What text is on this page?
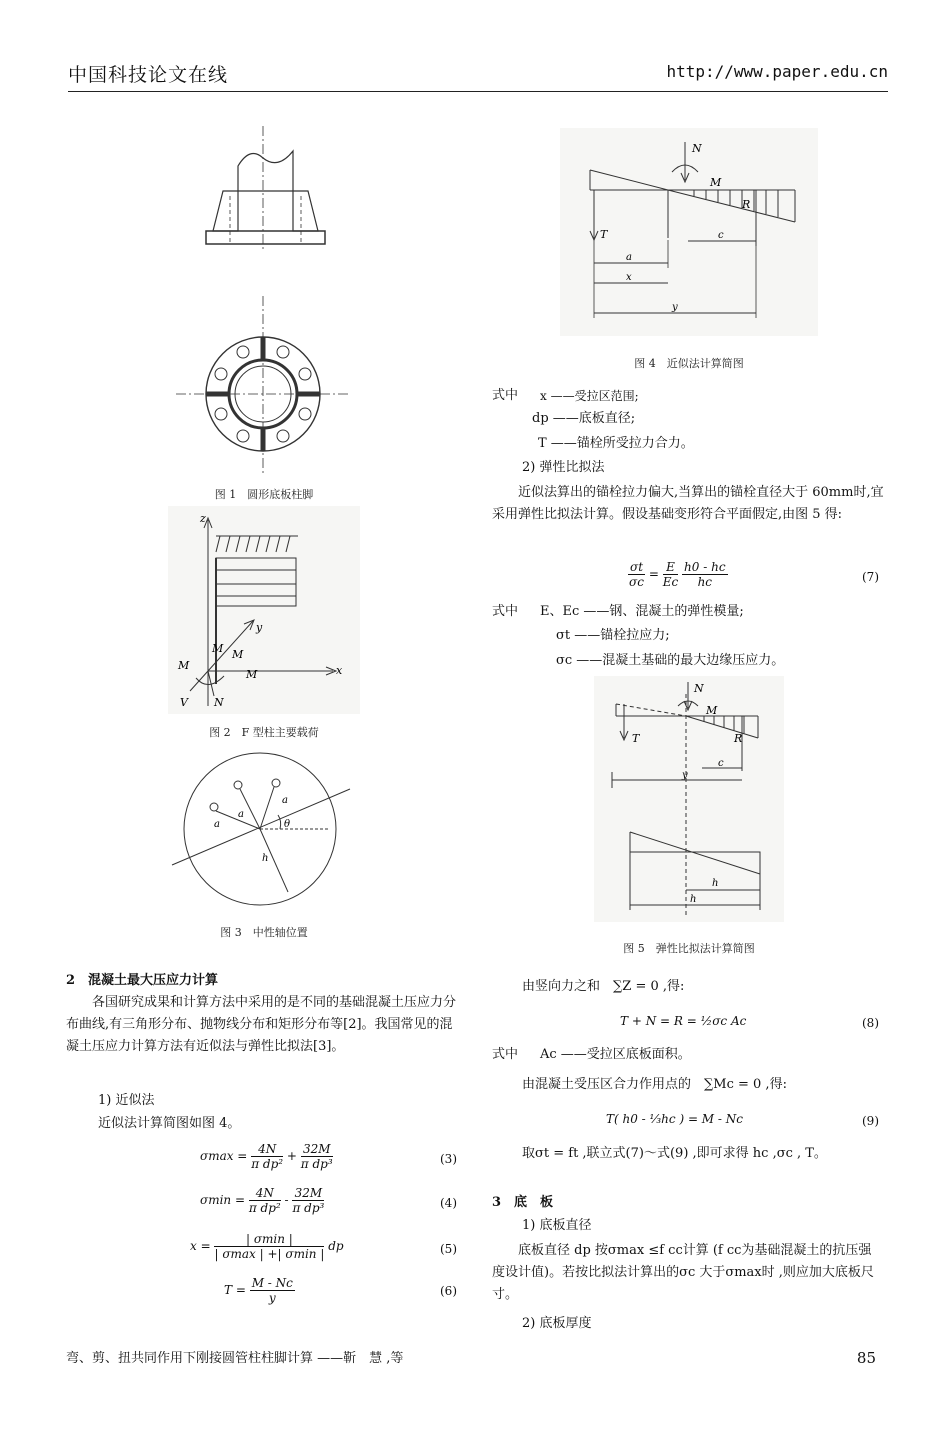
中国科技论文在线	http://www.paper.edu.cn
图 1　圆形底板柱脚
z
y
x
M
M
M
M
V N
图 2　F 型柱主要载荷
a
a
a
θ
h
图 3　中性轴位置
2　混凝土最大压应力计算
　　各国研究成果和计算方法中采用的是不同的基础混凝土压应力分布曲线,有三角形分布、抛物线分布和矩形分布等[2]。我国常见的混凝土压应力计算方法有近似法与弹性比拟法[3]。
1) 近似法
近似法计算简图如图 4。
$\sigma\max = \frac{4N}{\text{π dp²}} + \frac{32M}{\text{π dp³}}$	(3)
$\sigma\min = \frac{4N}{\text{π dp²}} - \frac{32M}{\text{π dp³}}$	(4)
$x = \frac{| \sigma\min |}{| \sigma\max | +| \sigma\min |}$ dp	(5)
$T = \frac{M - Nc}{y}$	(6)
N
M
R
T
a
x
c
y
图 4　近似法计算简图
式中 x ——受拉区范围;
dp ——底板直径;
T ——锚栓所受拉力合力。
2) 弹性比拟法
　　近似法算出的锚栓拉力偏大,当算出的锚栓直径大于 60mm时,宜采用弹性比拟法计算。假设基础变形符合平面假定,由图 5 得:
$\frac{\sigma t}{\sigma c} = \frac{E}{Ec}$
$\frac{h0 - hc}{hc}$	(7)
式中 E、Ec ——钢、混凝土的弹性模量;
σt ——锚栓拉应力;
σc ——混凝土基础的最大边缘压应力。
N
M
R
T
c
y
h
h
图 5　弹性比拟法计算简图
由竖向力之和　∑Z = 0 ,得:
T + N = R = ½σc Ac	(8)
式中 Ac ——受拉区底板面积。
由混凝土受压区合力作用点的　∑Mc = 0 ,得:
T( h0 - ⅓hc ) = M - Nc	(9)
取σt = ft ,联立式(7)～式(9) ,即可求得 hc ,σc , T。
3　底　板
1) 底板直径
　　底板直径 dp 按σmax ≤f cc计算 (f cc为基础混凝土的抗压强度设计值)。若按比拟法计算出的σc 大于σmax时 ,则应加大底板尺寸。
2) 底板厚度
弯、剪、扭共同作用下刚接圆管柱柱脚计算 ——靳　慧 ,等	85
